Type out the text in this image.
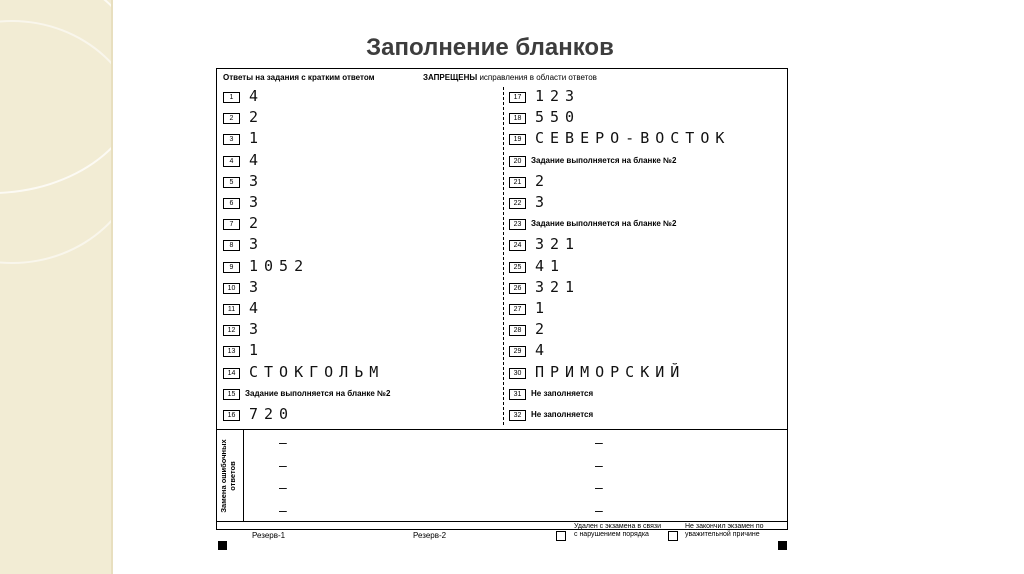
Заполнение бланков
Ответы на задания с кратким ответом	ЗАПРЕЩЕНЫ исправления в области ответов
1	4
2	2
3	1
4	4
5	3
6	3
7	2
8	3
9	1052
10 3
11 4
12 3
13 1
14 СТОКГОЛЬМ
15	Задание выполняется на бланке №2
16 720
17 123
18 550
19 СЕВЕРО-ВОСТОК
20	Задание выполняется на бланке №2
21 2
22 3
23	Задание выполняется на бланке №2
24 321
25 41
26 321
27 1
28 2
29 4
30 ПРИМОРСКИЙ
31	Не заполняется
32	Не заполняется
Замена ошибочных ответов
–
–
–
–
–
–
–
–
Резерв-1	Резерв-2
Удален с экзамена в связи с нарушением порядка
Не закончил экзамен по уважительной причине
